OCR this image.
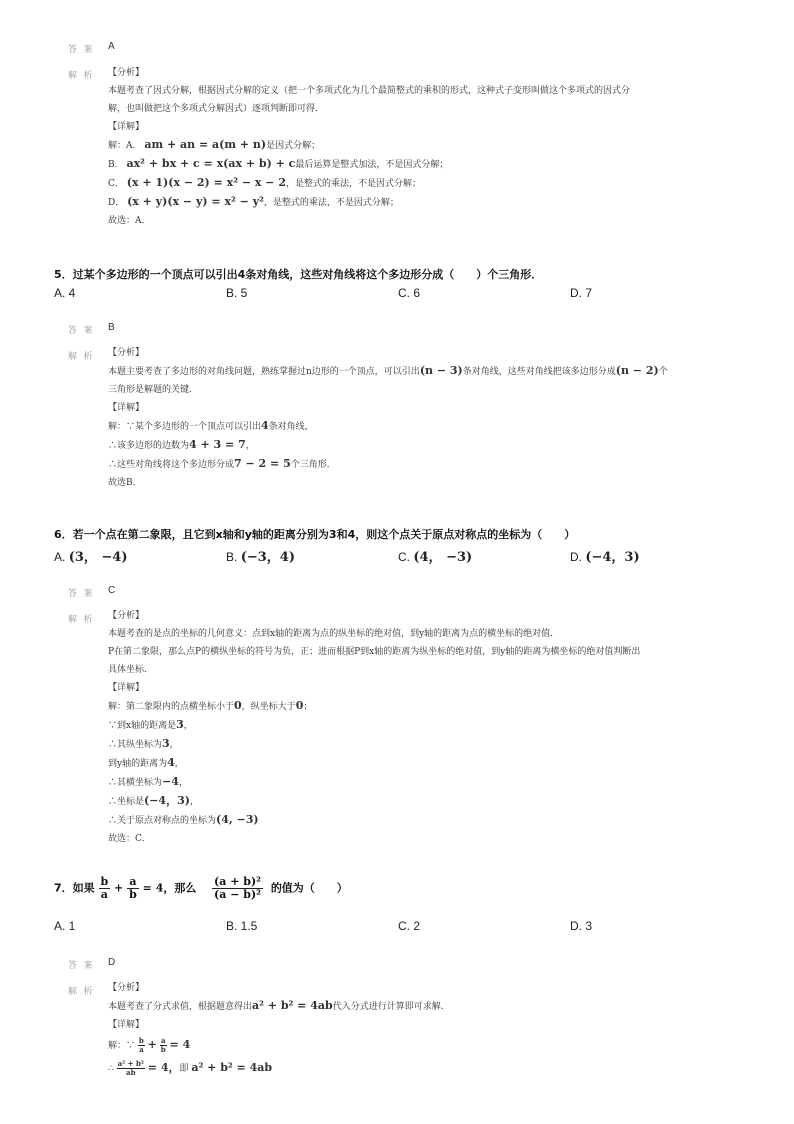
答 案 A
解 析 【分析】
本题考查了因式分解，根据因式分解的定义（把一个多项式化为几个最简整式的乘积的形式，这种式子变形叫做这个多项式的因式分
解，也叫做把这个多项式分解因式）逐项判断即可得．
【详解】
解：A． am + an = a(m + n)是因式分解；
B． ax² + bx + c = x(ax + b) + c最后运算是整式加法，不是因式分解；
C． (x + 1)(x − 2) = x² − x − 2，是整式的乘法，不是因式分解；
D． (x + y)(x − y) = x² − y²，是整式的乘法，不是因式分解；
故选：A．
5．过某个多边形的一个顶点可以引出4条对角线，这些对角线将这个多边形分成（　　）个三角形．
A. 4	B. 5	C. 6	D. 7
答 案 B
解 析 【分析】
本题主要考查了多边形的对角线问题，熟练掌握过n边形的一个顶点，可以引出(n − 3)条对角线，这些对角线把该多边形分成(n − 2)个
三角形是解题的关键．
【详解】
解：∵某个多边形的一个顶点可以引出4条对角线，
∴该多边形的边数为4 + 3 = 7，
∴这些对角线将这个多边形分成7 − 2 = 5个三角形．
故选B．
6．若一个点在第二象限，且它到x轴和y轴的距离分别为3和4，则这个点关于原点对称点的坐标为（　　）
A. (3， −4)	B. (−3，4)	C. (4， −3)	D. (−4，3)
答 案 C
解 析 【分析】
本题考查的是点的坐标的几何意义：点到x轴的距离为点的纵坐标的绝对值，到y轴的距离为点的横坐标的绝对值．
P在第二象限，那么点P的横纵坐标的符号为负，正；进而根据P到x轴的距离为纵坐标的绝对值，到y轴的距离为横坐标的绝对值判断出
具体坐标．
【详解】
解：第二象限内的点横坐标小于0，纵坐标大于0；
∵到x轴的距离是3，
∴其纵坐标为3，
到y轴的距离为4，
∴其横坐标为−4，
∴坐标是(−4，3)，
∴关于原点对称点的坐标为(4, −3)
故选：C．
7．如果 $\frac{b}{a} + \frac{a}{b} = 4$，那么 $\frac{\text{(a + b)²}}{\text{(a − b)²}}$ 的值为（　　）
A. 1	B. 1.5	C. 2	D. 3
答 案 D
解 析 【分析】
本题考查了分式求值，根据题意得出a² + b² = 4ab代入分式进行计算即可求解．
【详解】
解：∵ $\frac{b}{a} + \frac{a}{b} = 4$
∴ $\frac{\text{a² + b²}}{ab} = 4$，即 a² + b² = 4ab
